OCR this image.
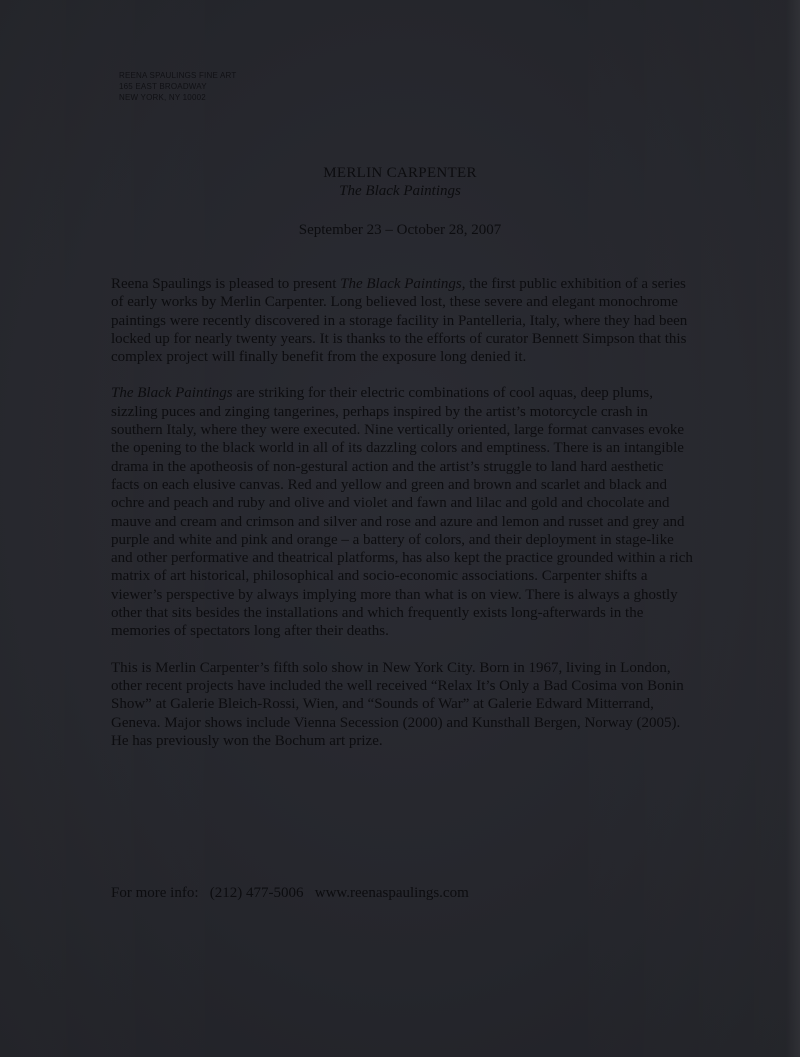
REENA SPAULINGS FINE ART
165 EAST BROADWAY
NEW YORK, NY 10002
MERLIN CARPENTER
The Black Paintings
September 23 – October 28, 2007

Reena Spaulings is pleased to present The Black Paintings, the first public exhibition of a series of early works by Merlin Carpenter. Long believed lost, these severe and elegant monochrome paintings were recently discovered in a storage facility in Pantelleria, Italy, where they had been locked up for nearly twenty years. It is thanks to the efforts of curator Bennett Simpson that this complex project will finally benefit from the exposure long denied it.

The Black Paintings are striking for their electric combinations of cool aquas, deep plums, sizzling puces and zinging tangerines, perhaps inspired by the artist’s motorcycle crash in southern Italy, where they were executed. Nine vertically oriented, large format canvases evoke the opening to the black world in all of its dazzling colors and emptiness. There is an intangible drama in the apotheosis of non-gestural action and the artist’s struggle to land hard aesthetic facts on each elusive canvas. Red and yellow and green and brown and scarlet and black and ochre and peach and ruby and olive and violet and fawn and lilac and gold and chocolate and mauve and cream and crimson and silver and rose and azure and lemon and russet and grey and purple and white and pink and orange – a battery of colors, and their deployment in stage-like and other performative and theatrical platforms, has also kept the practice grounded within a rich matrix of art historical, philosophical and socio-economic associations. Carpenter shifts a viewer’s perspective by always implying more than what is on view. There is always a ghostly other that sits besides the installations and which frequently exists long-afterwards in the memories of spectators long after their deaths.

This is Merlin Carpenter’s fifth solo show in New York City. Born in 1967, living in London, other recent projects have included the well received “Relax It’s Only a Bad Cosima von Bonin Show” at Galerie Bleich-Rossi, Wien, and “Sounds of War” at Galerie Edward Mitterrand, Geneva. Major shows include Vienna Secession (2000) and Kunsthall Bergen, Norway (2005). He has previously won the Bochum art prize.

For more info: (212) 477-5006 www.reenaspaulings.com
